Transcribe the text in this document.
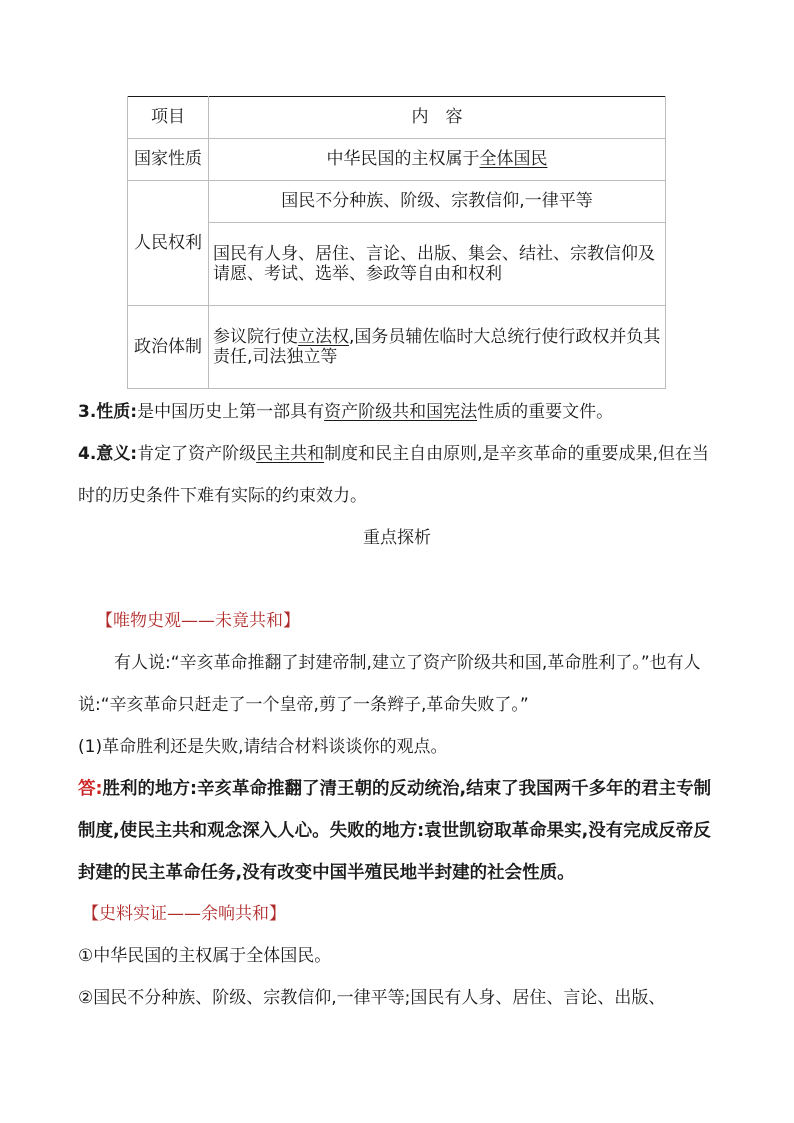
项目	内　容
国家性质	中华民国的主权属于全体国民
人民权利	国民不分种族、阶级、宗教信仰,一律平等
	国民有人身、居住、言论、出版、集会、结社、宗教信仰及请愿、考试、选举、参政等自由和权利
政治体制	参议院行使立法权,国务员辅佐临时大总统行使行政权并负其责任,司法独立等

3.性质:是中国历史上第一部具有资产阶级共和国宪法性质的重要文件。

4.意义:肯定了资产阶级民主共和制度和民主自由原则,是辛亥革命的重要成果,但在当时的历史条件下难有实际的约束效力。

重点探析
【唯物史观——未竟共和】

有人说:“辛亥革命推翻了封建帝制,建立了资产阶级共和国,革命胜利了。”也有人说:“辛亥革命只赶走了一个皇帝,剪了一条辫子,革命失败了。”

(1)革命胜利还是失败,请结合材料谈谈你的观点。

答:胜利的地方:辛亥革命推翻了清王朝的反动统治,结束了我国两千多年的君主专制制度,使民主共和观念深入人心。失败的地方:袁世凯窃取革命果实,没有完成反帝反封建的民主革命任务,没有改变中国半殖民地半封建的社会性质。

【史料实证——余响共和】

①中华民国的主权属于全体国民。

②国民不分种族、阶级、宗教信仰,一律平等;国民有人身、居住、言论、出版、
